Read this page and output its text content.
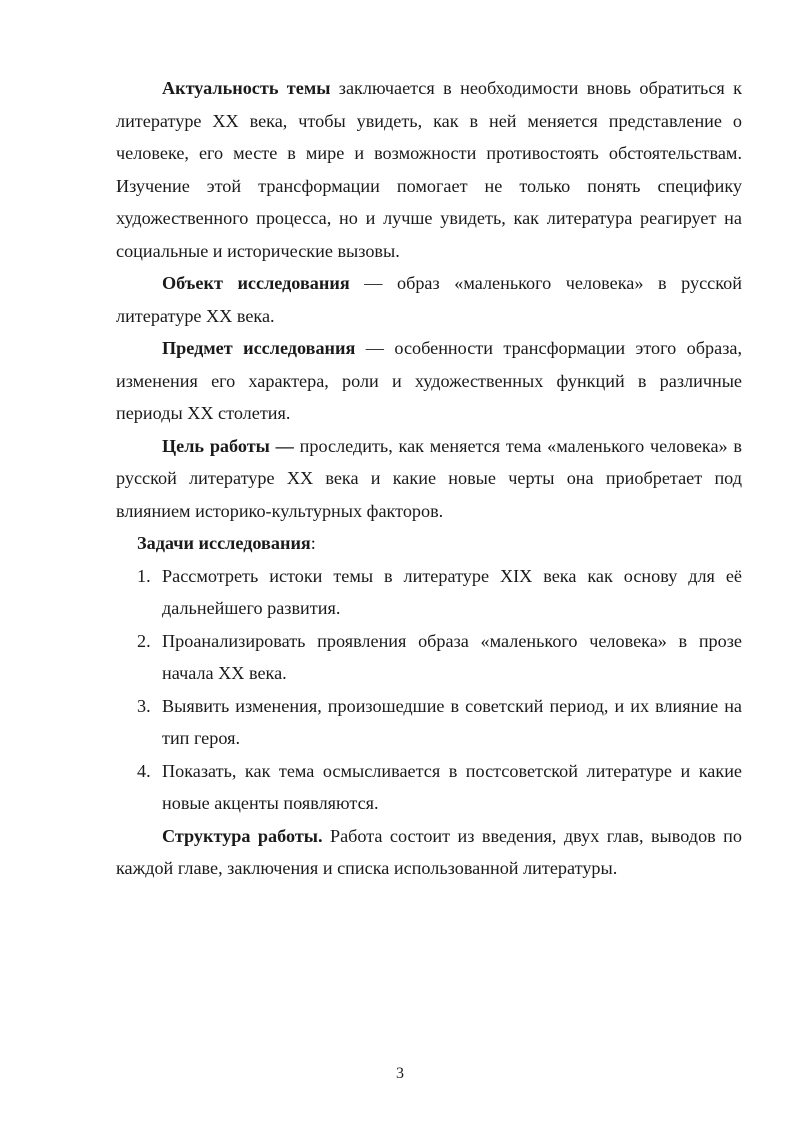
Актуальность темы заключается в необходимости вновь обратиться к литературе XX века, чтобы увидеть, как в ней меняется представление о человеке, его месте в мире и возможности противостоять обстоятельствам. Изучение этой трансформации помогает не только понять специфику художественного процесса, но и лучше увидеть, как литература реагирует на социальные и исторические вызовы.

Объект исследования — образ «маленького человека» в русской литературе XX века.

Предмет исследования — особенности трансформации этого образа, изменения его характера, роли и художественных функций в различные периоды XX столетия.

Цель работы — проследить, как меняется тема «маленького человека» в русской литературе XX века и какие новые черты она приобретает под влиянием историко-культурных факторов.

Задачи исследования:

1. Рассмотреть истоки темы в литературе XIX века как основу для её дальнейшего развития.
2. Проанализировать проявления образа «маленького человека» в прозе начала XX века.
3. Выявить изменения, произошедшие в советский период, и их влияние на тип героя.
4. Показать, как тема осмысливается в постсоветской литературе и какие новые акценты появляются.

Структура работы. Работа состоит из введения, двух глав, выводов по каждой главе, заключения и списка использованной литературы.

3
